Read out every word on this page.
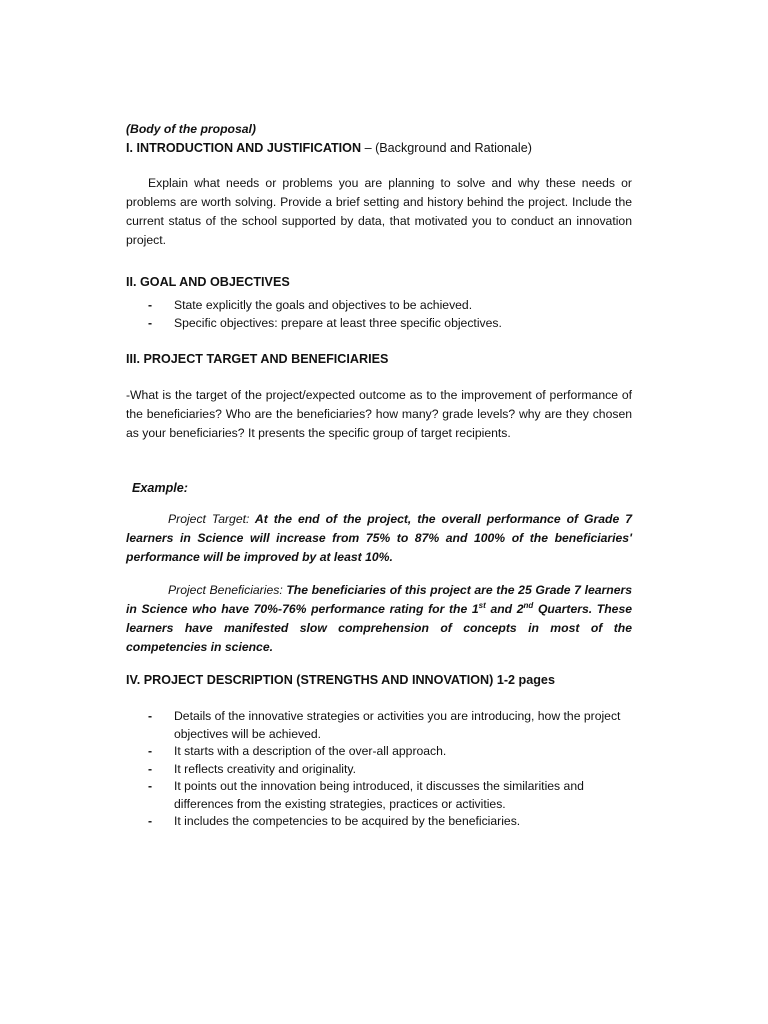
(Body of the proposal)
I. INTRODUCTION AND JUSTIFICATION – (Background and Rationale)
Explain what needs or problems you are planning to solve and why these needs or problems are worth solving. Provide a brief setting and history behind the project. Include the current status of the school supported by data, that motivated you to conduct an innovation project.
II. GOAL AND OBJECTIVES
- State explicitly the goals and objectives to be achieved.
- Specific objectives: prepare at least three specific objectives.
III. PROJECT TARGET AND BENEFICIARIES
-What is the target of the project/expected outcome as to the improvement of performance of the beneficiaries? Who are the beneficiaries? how many? grade levels? why are they chosen as your beneficiaries? It presents the specific group of target recipients.
Example:
Project Target: At the end of the project, the overall performance of Grade 7 learners in Science will increase from 75% to 87% and 100% of the beneficiaries' performance will be improved by at least 10%.
Project Beneficiaries: The beneficiaries of this project are the 25 Grade 7 learners in Science who have 70%-76% performance rating for the 1st and 2nd Quarters. These learners have manifested slow comprehension of concepts in most of the competencies in science.
IV. PROJECT DESCRIPTION (STRENGTHS AND INNOVATION) 1-2 pages
- Details of the innovative strategies or activities you are introducing, how the project objectives will be achieved.
- It starts with a description of the over-all approach.
- It reflects creativity and originality.
- It points out the innovation being introduced, it discusses the similarities and differences from the existing strategies, practices or activities.
- It includes the competencies to be acquired by the beneficiaries.
